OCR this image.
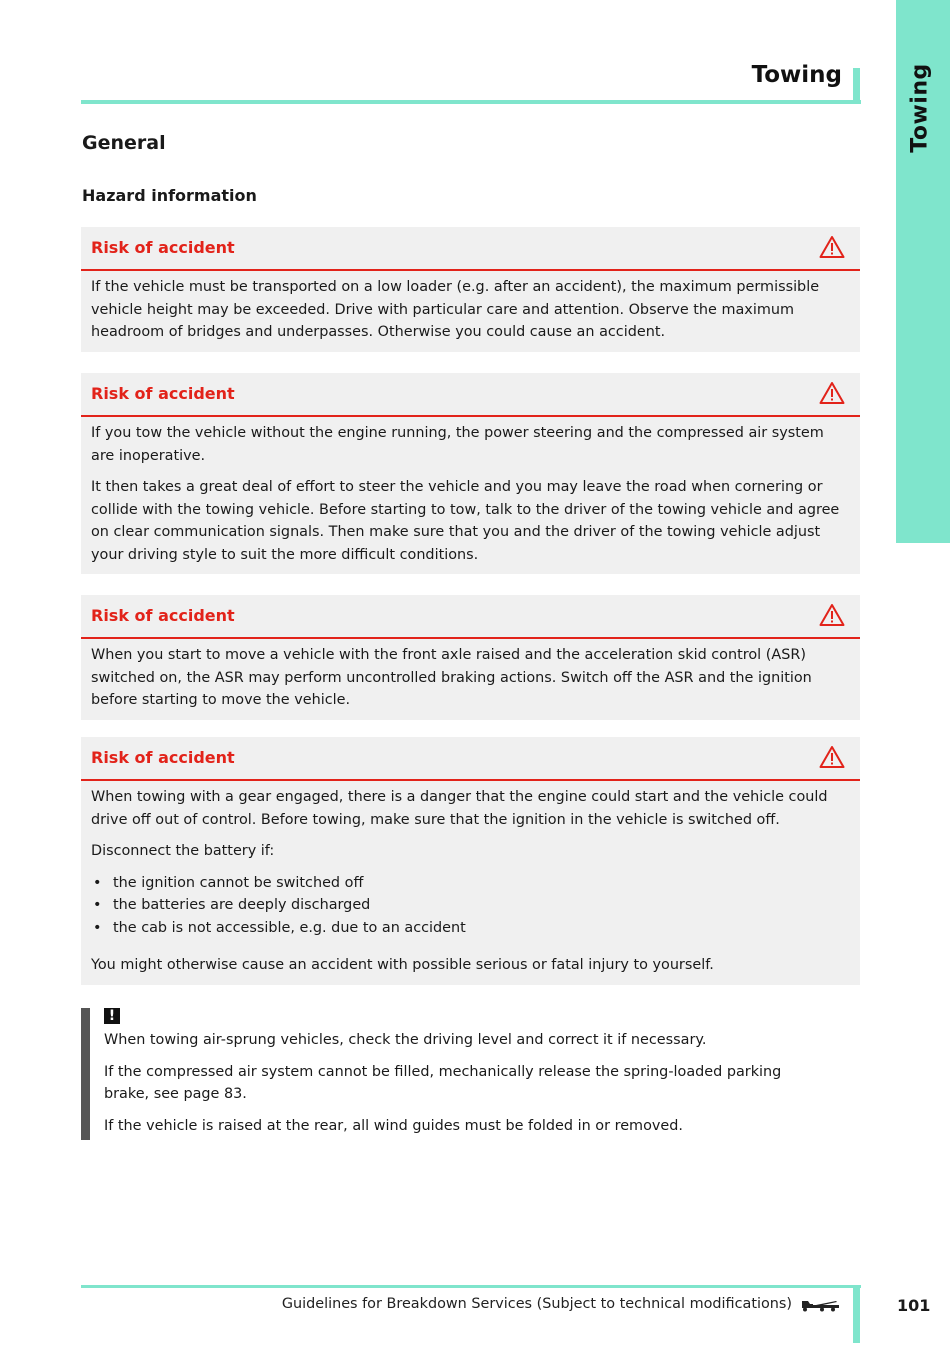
Towing
Towing
General
Hazard information
Risk of accident

If the vehicle must be transported on a low loader (e.g. after an accident), the maximum permissible vehicle height may be exceeded. Drive with particular care and attention. Observe the maximum headroom of bridges and underpasses. Otherwise you could cause an accident.

Risk of accident

If you tow the vehicle without the engine running, the power steering and the compressed air system are inoperative.

It then takes a great deal of effort to steer the vehicle and you may leave the road when cornering or collide with the towing vehicle. Before starting to tow, talk to the driver of the towing vehicle and agree on clear communication signals. Then make sure that you and the driver of the towing vehicle adjust your driving style to suit the more difficult conditions.

Risk of accident

When you start to move a vehicle with the front axle raised and the acceleration skid control (ASR) switched on, the ASR may perform uncontrolled braking actions. Switch off the ASR and the ignition before starting to move the vehicle.

Risk of accident

When towing with a gear engaged, there is a danger that the engine could start and the vehicle could drive off out of control. Before towing, make sure that the ignition in the vehicle is switched off.

Disconnect the battery if:

• the ignition cannot be switched off
• the batteries are deeply discharged
• the cab is not accessible, e.g. due to an accident

You might otherwise cause an accident with possible serious or fatal injury to yourself.

!

When towing air-sprung vehicles, check the driving level and correct it if necessary.

If the compressed air system cannot be filled, mechanically release the spring-loaded parking brake, see page 83.

If the vehicle is raised at the rear, all wind guides must be folded in or removed.

Guidelines for Breakdown Services (Subject to technical modifications)	101
